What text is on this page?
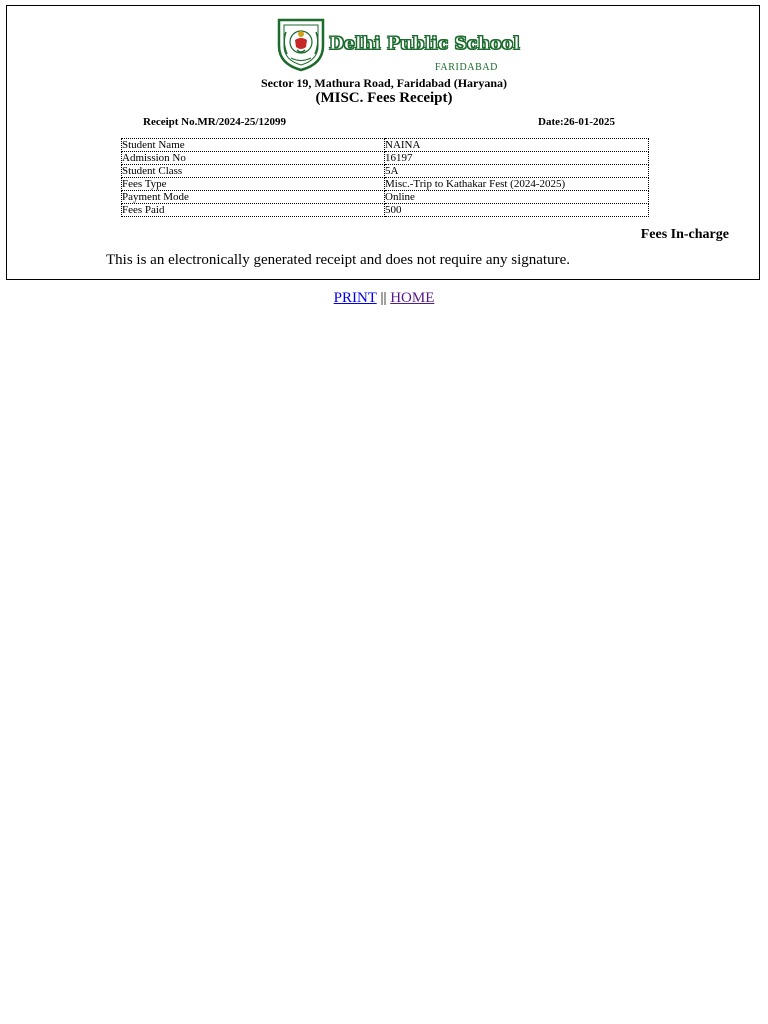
Delhi Public School
FARIDABAD
Sector 19, Mathura Road, Faridabad (Haryana)
(MISC. Fees Receipt)
Receipt No.MR/2024-25/12099	Date:26-01-2025
Student Name	NAINA
Admission No	16197
Student Class	5A
Fees Type	Misc.-Trip to Kathakar Fest (2024-2025)
Payment Mode	Online
Fees Paid	500
Fees In-charge
This is an electronically generated receipt and does not require any signature.
PRINT || HOME
